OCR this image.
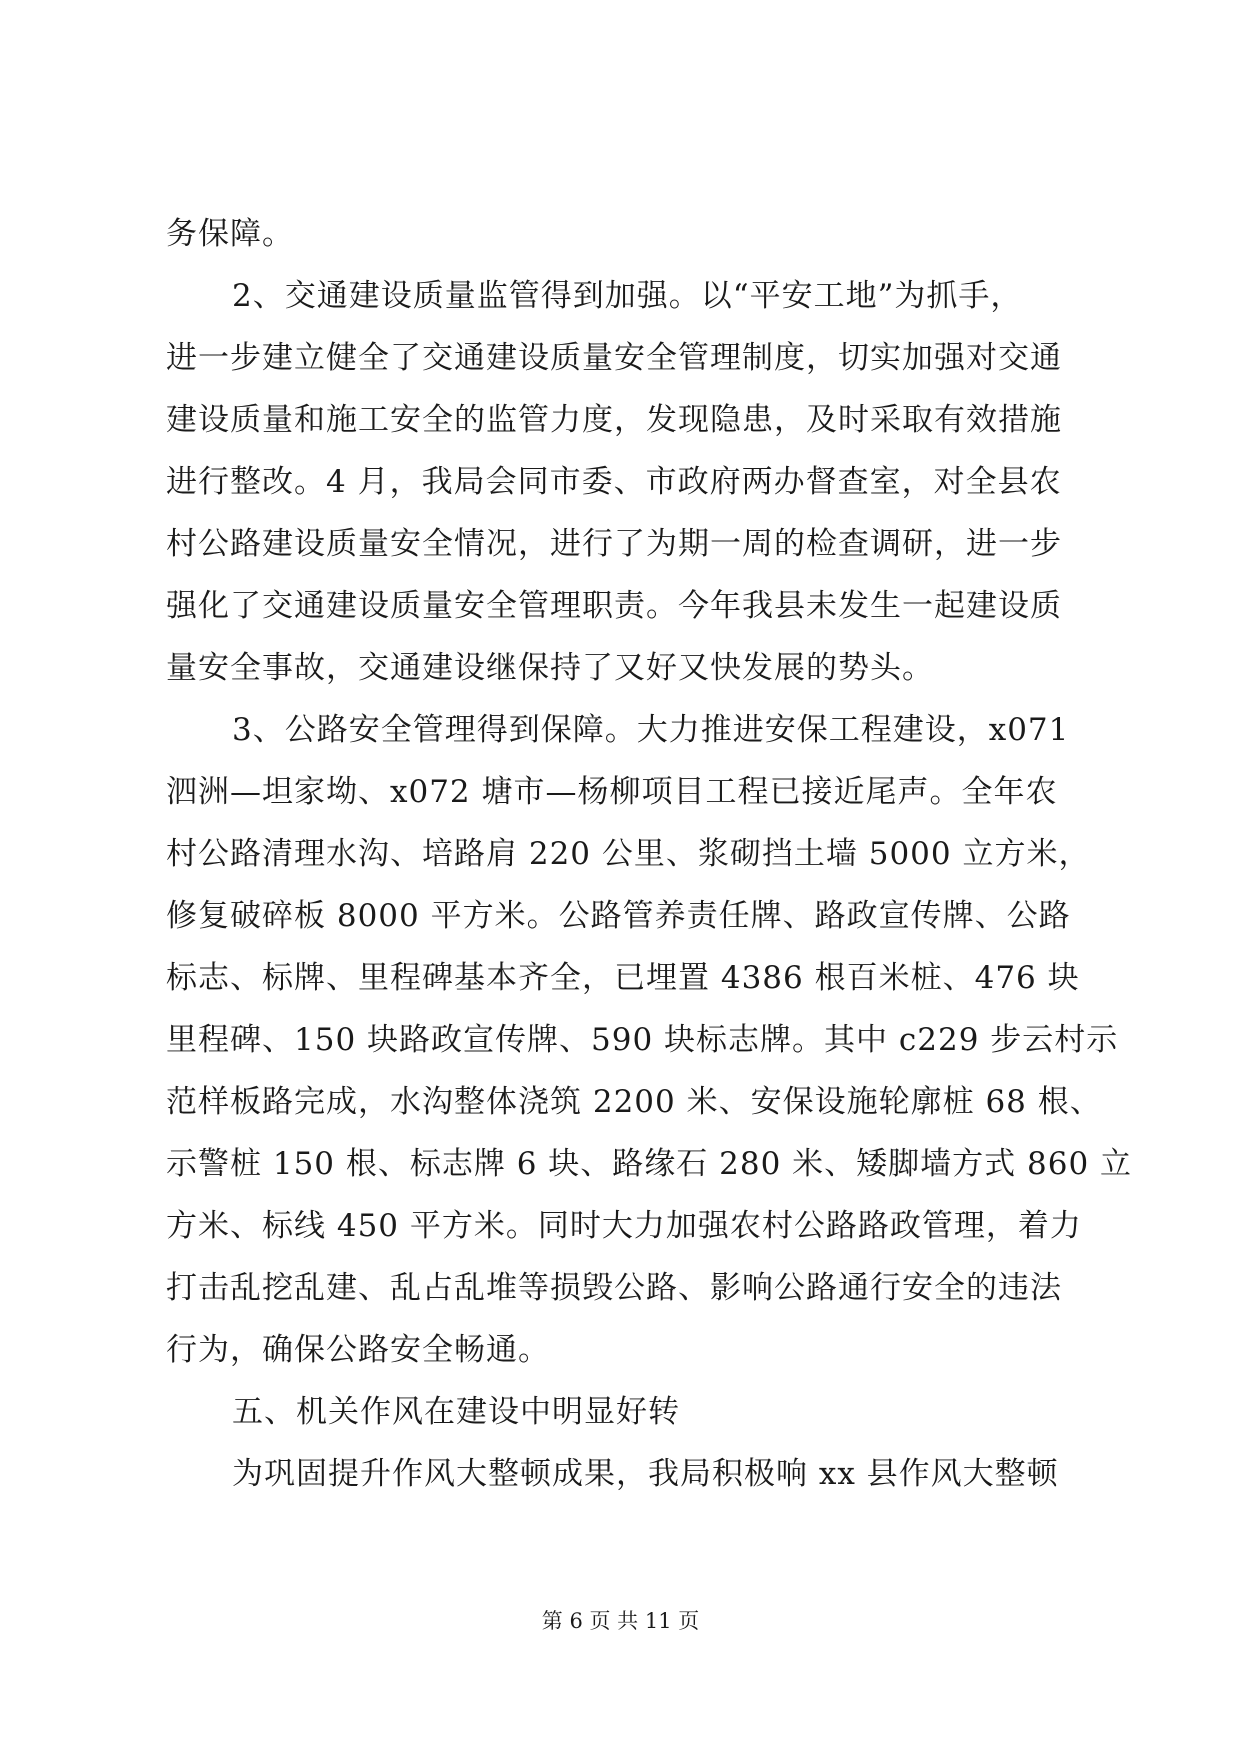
务保障。
2、交通建设质量监管得到加强。以“平安工地”为抓手，
进一步建立健全了交通建设质量安全管理制度，切实加强对交通
建设质量和施工安全的监管力度，发现隐患，及时采取有效措施
进行整改。4 月，我局会同市委、市政府两办督查室，对全县农
村公路建设质量安全情况，进行了为期一周的检查调研，进一步
强化了交通建设质量安全管理职责。今年我县未发生一起建设质
量安全事故，交通建设继保持了又好又快发展的势头。
3、公路安全管理得到保障。大力推进安保工程建设，x071
泗洲—坦家坳、x072 塘市—杨柳项目工程已接近尾声。全年农
村公路清理水沟、培路肩 220 公里、浆砌挡土墙 5000 立方米，
修复破碎板 8000 平方米。公路管养责任牌、路政宣传牌、公路
标志、标牌、里程碑基本齐全，已埋置 4386 根百米桩、476 块
里程碑、150 块路政宣传牌、590 块标志牌。其中 c229 步云村示
范样板路完成，水沟整体浇筑 2200 米、安保设施轮廓桩 68 根、
示警桩 150 根、标志牌 6 块、路缘石 280 米、矮脚墙方式 860 立
方米、标线 450 平方米。同时大力加强农村公路路政管理，着力
打击乱挖乱建、乱占乱堆等损毁公路、影响公路通行安全的违法
行为，确保公路安全畅通。
五、机关作风在建设中明显好转
为巩固提升作风大整顿成果，我局积极响 xx 县作风大整顿
第 6 页 共 11 页
